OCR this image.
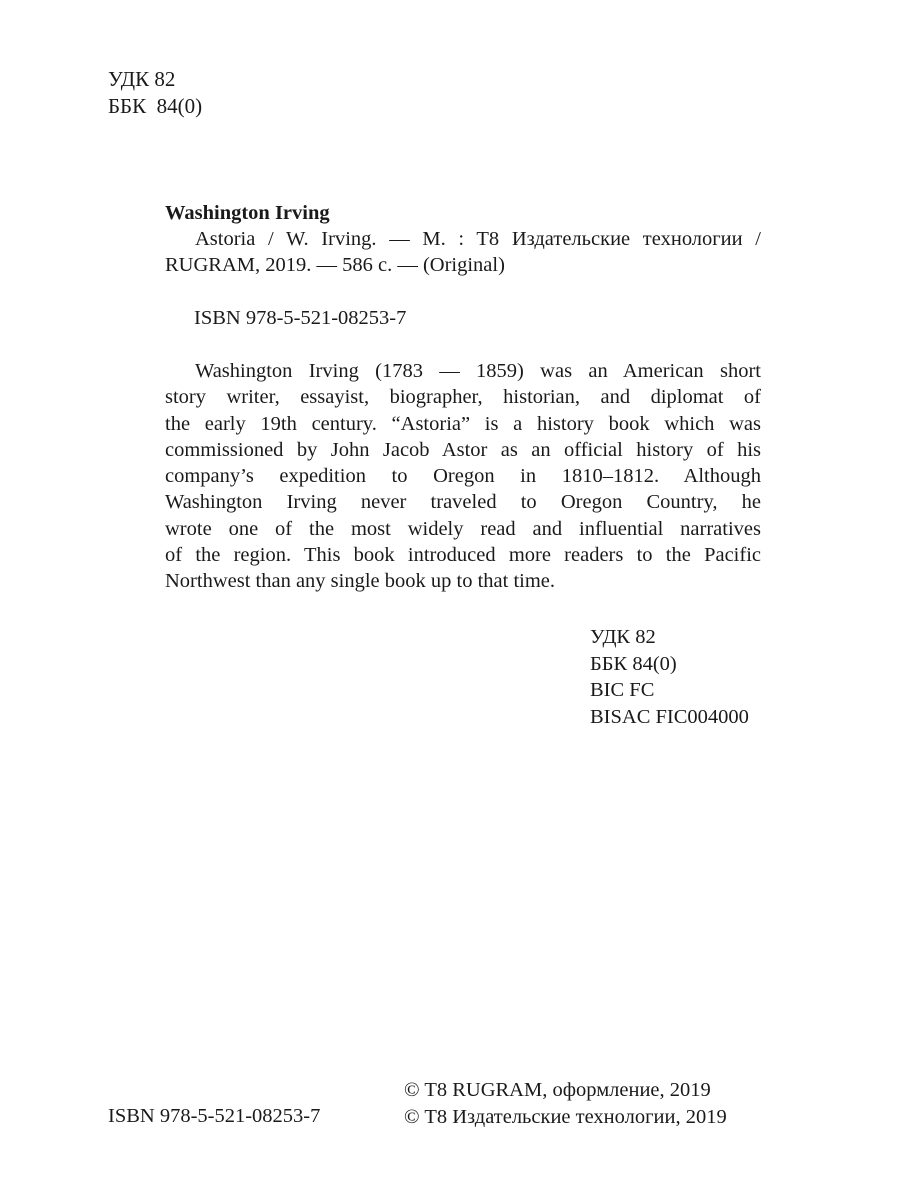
УДК 82
ББК  84(0)
Washington Irving
Astoria / W. Irving. — M. : T8 Издательские технологии /
RUGRAM, 2019. — 586 с. — (Original)
ISBN 978-5-521-08253-7
Washington Irving (1783 — 1859) was an American short
story writer, essayist, biographer, historian, and diplomat of
the early 19th century. “Astoria” is a history book which was
commissioned by John Jacob Astor as an official history of his
company’s expedition to Oregon in 1810–1812. Although
Washington Irving never traveled to Oregon Country, he
wrote one of the most widely read and influential narratives
of the region. This book introduced more readers to the Pacific
Northwest than any single book up to that time.
УДК 82
ББК 84(0)
BIC FC
BISAC FIC004000
ISBN 978-5-521-08253-7
© T8 RUGRAM, оформление, 2019
© T8 Издательские технологии, 2019
